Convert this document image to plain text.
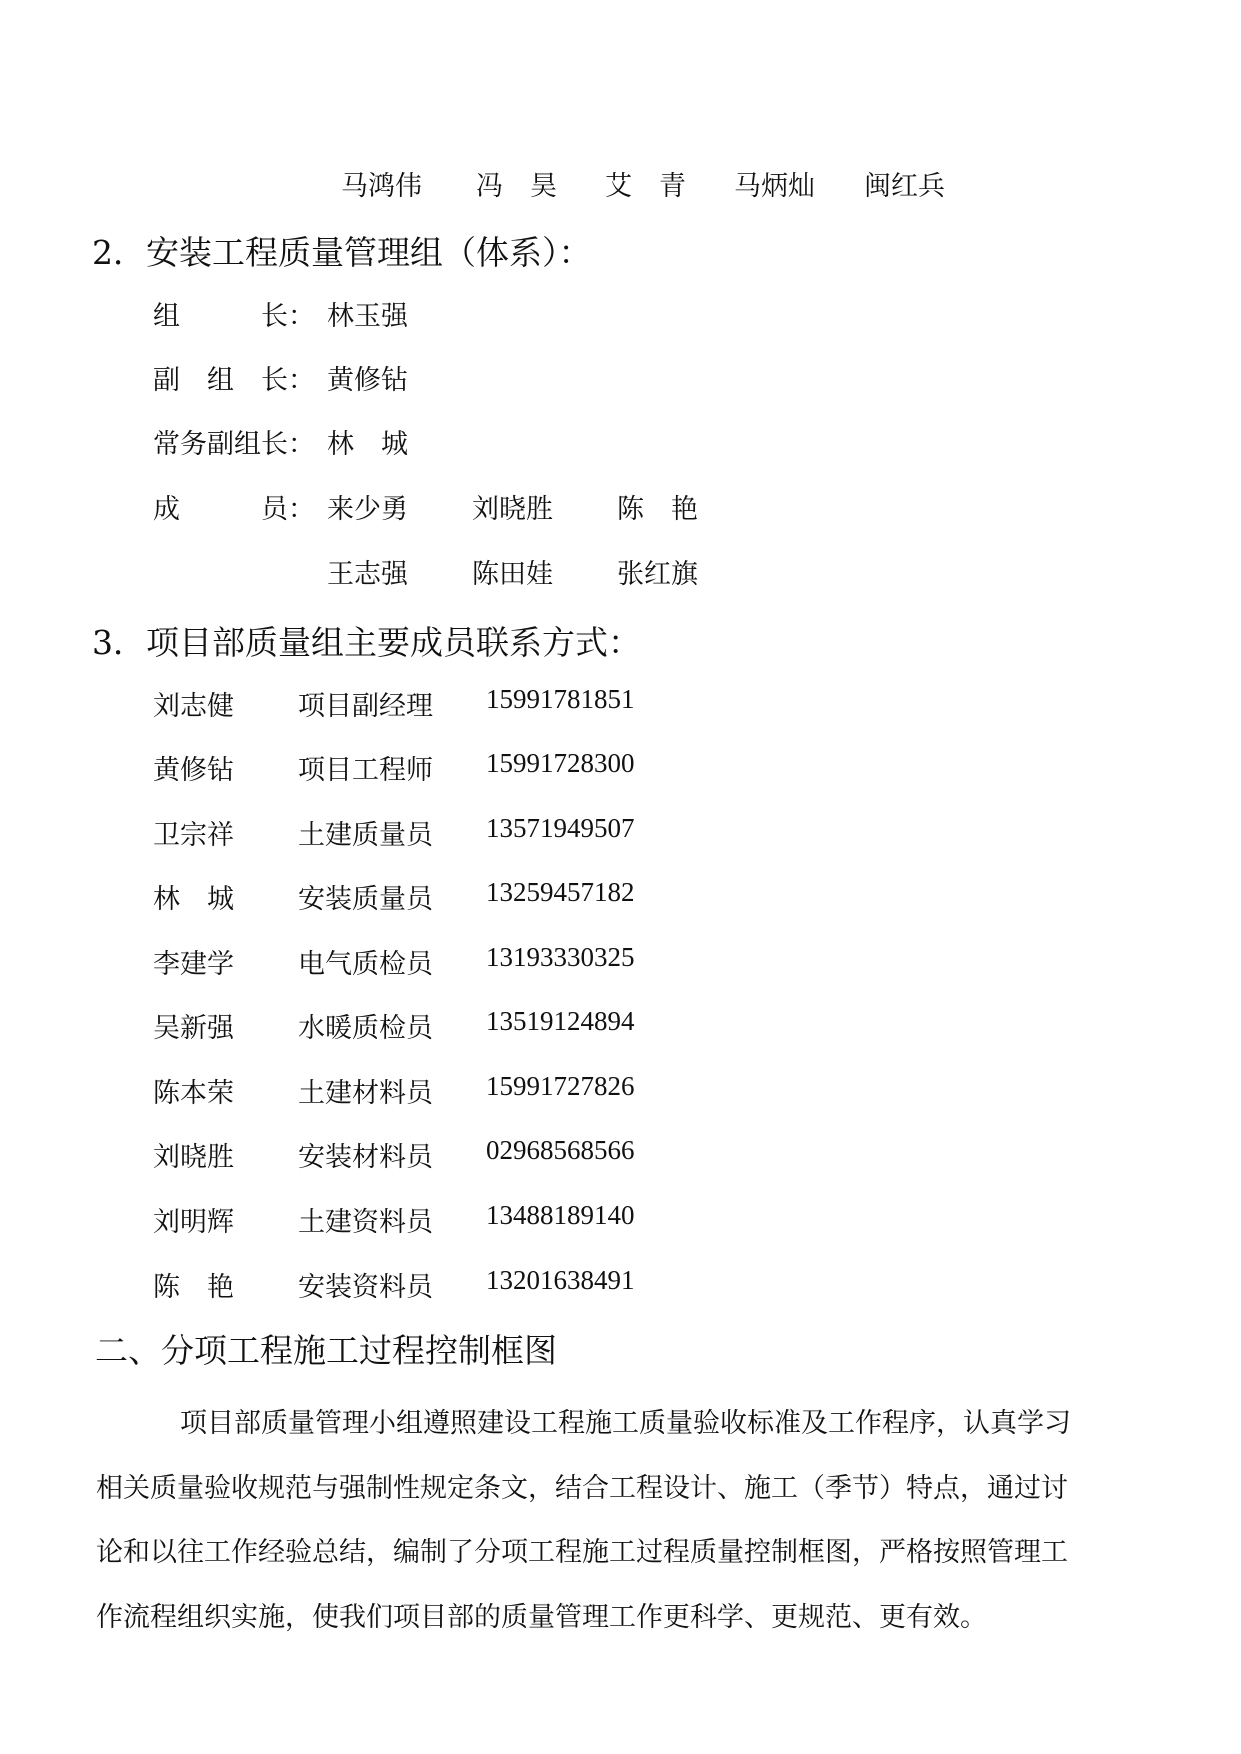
马鸿伟 冯　昊 艾　青 马炳灿 闽红兵
2．安装工程质量管理组（体系）：
组　　　长： 林玉强
副　组　长： 黄修钻
常务副组长： 林　城
成　　　员： 来少勇 刘晓胜 陈　艳
王志强 陈田娃 张红旗
3．项目部质量组主要成员联系方式：
刘志健 项目副经理 15991781851
黄修钻 项目工程师 15991728300
卫宗祥 土建质量员 13571949507
林　城 安装质量员 13259457182
李建学 电气质检员 13193330325
吴新强 水暖质检员 13519124894
陈本荣 土建材料员 15991727826
刘晓胜 安装材料员 02968568566
刘明辉 土建资料员 13488189140
陈　艳 安装资料员 13201638491
二、分项工程施工过程控制框图

项目部质量管理小组遵照建设工程施工质量验收标准及工作程序，认真学习

相关质量验收规范与强制性规定条文，结合工程设计、施工（季节）特点，通过讨

论和以往工作经验总结，编制了分项工程施工过程质量控制框图，严格按照管理工

作流程组织实施，使我们项目部的质量管理工作更科学、更规范、更有效。
